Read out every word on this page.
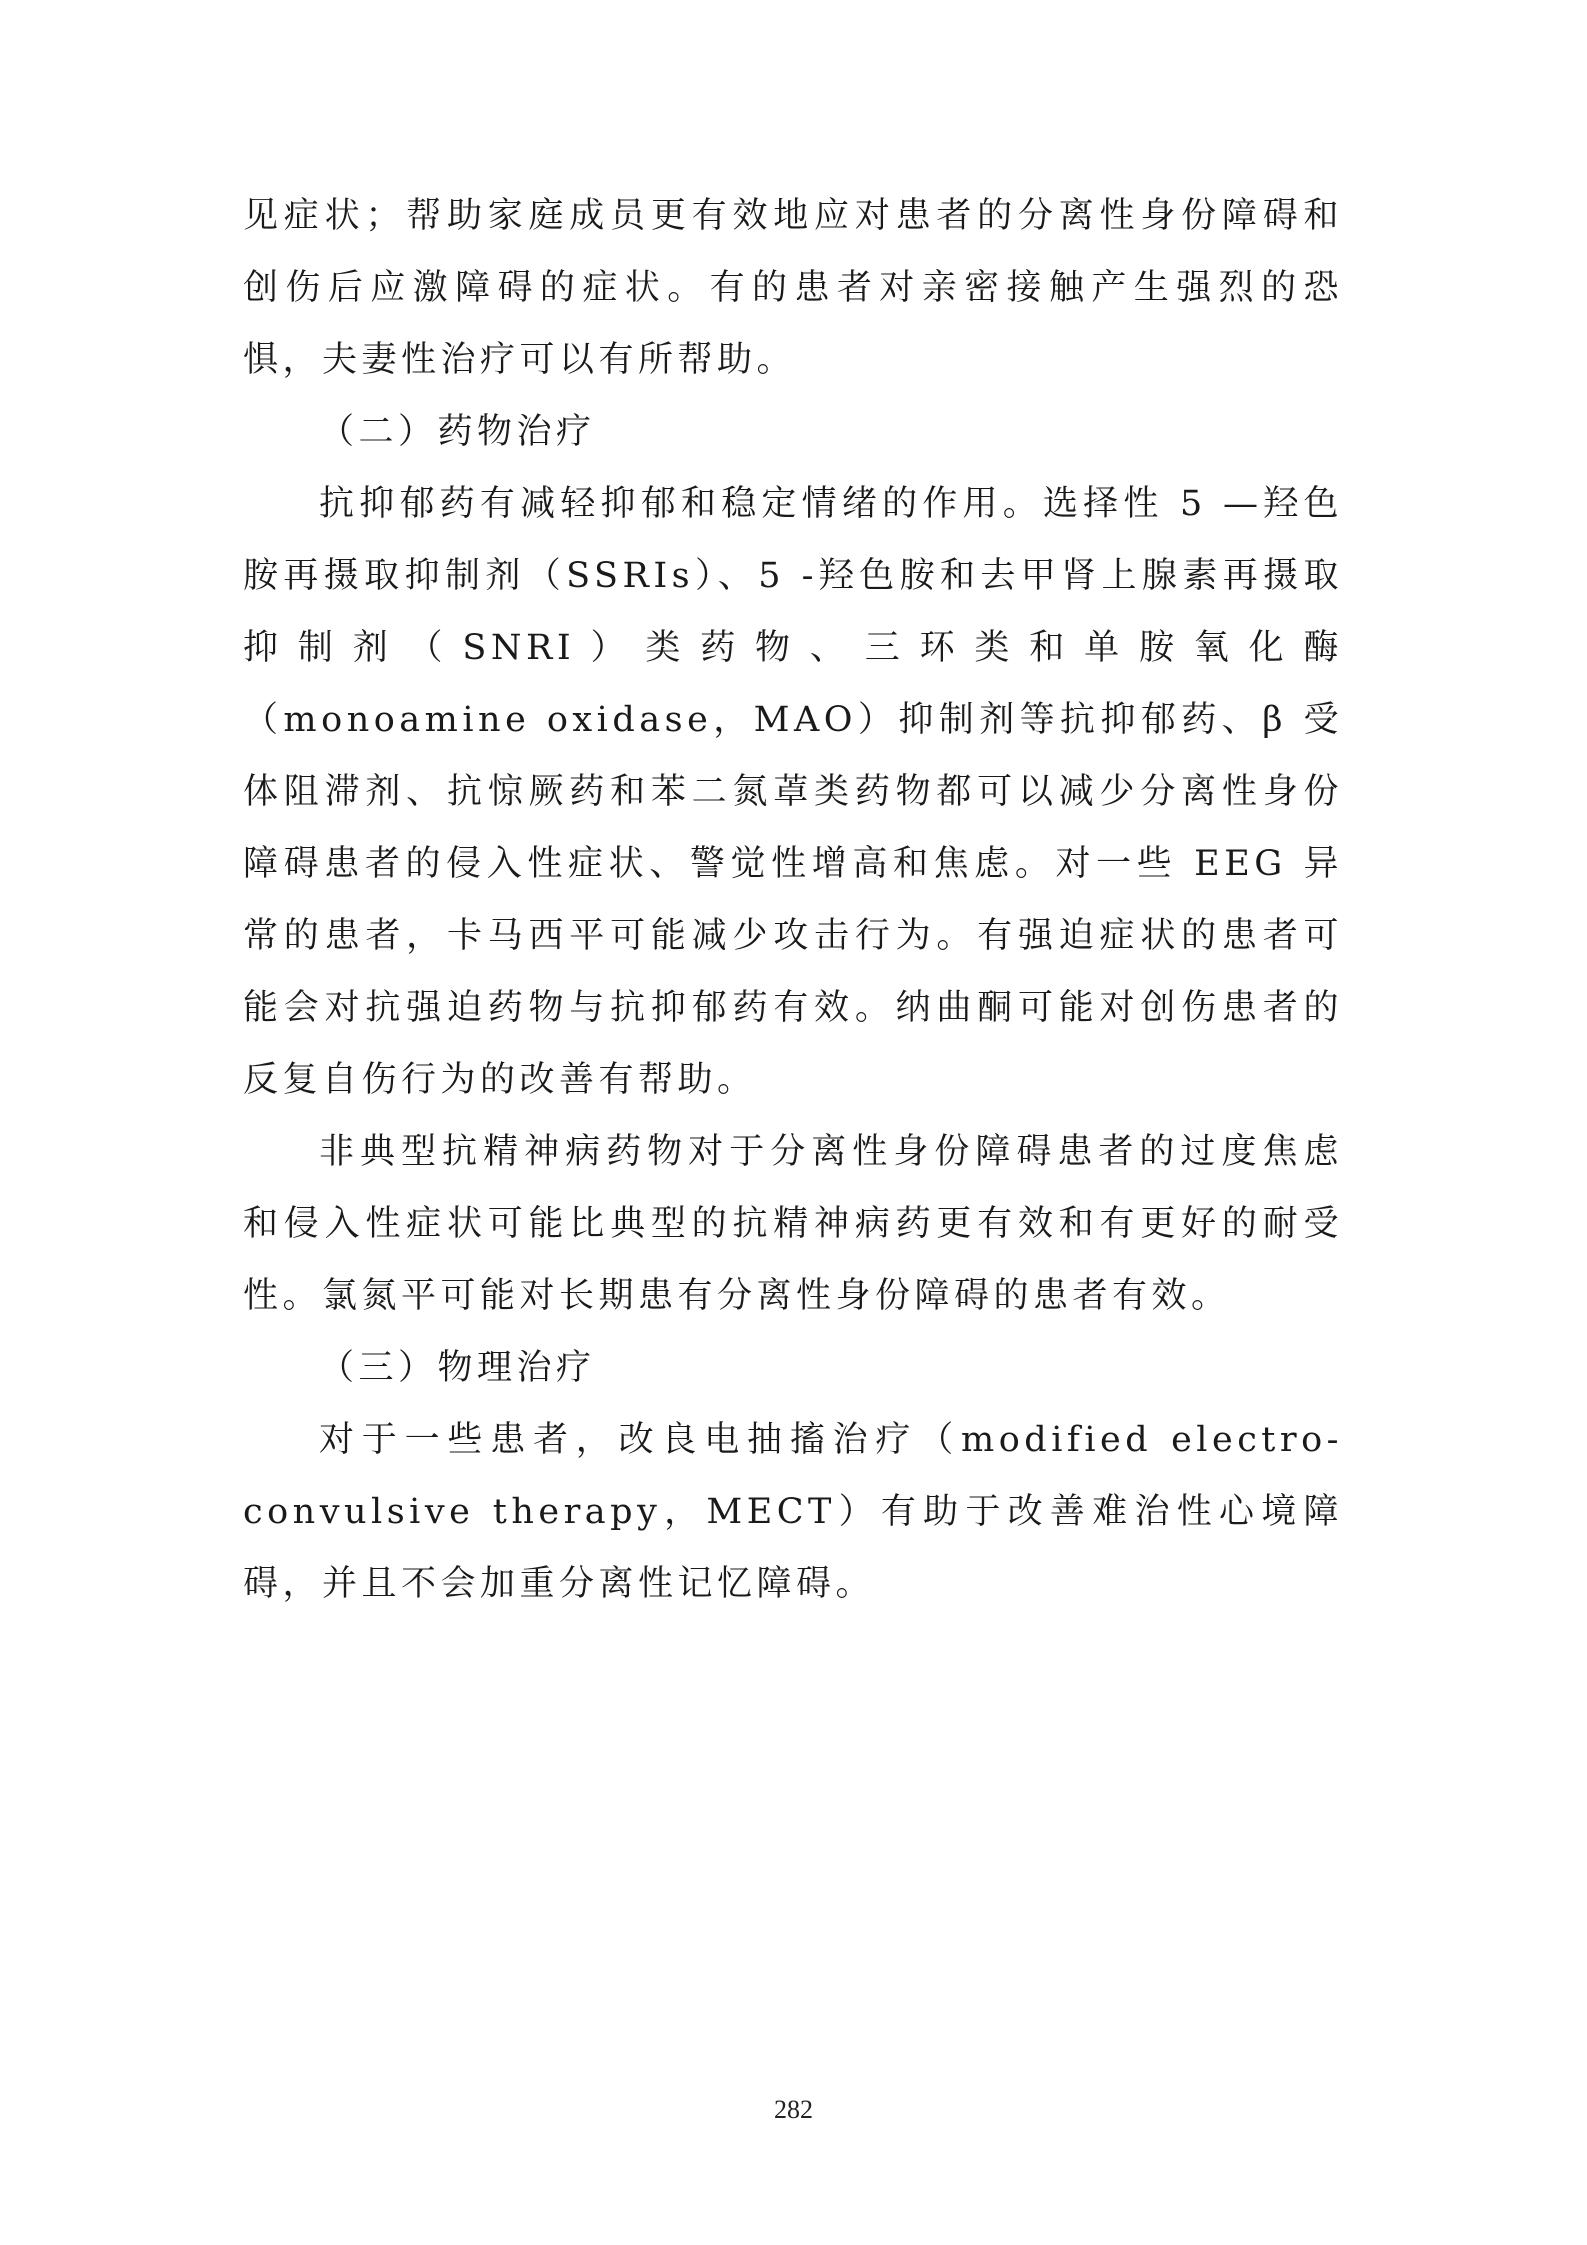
见症状；帮助家庭成员更有效地应对患者的分离性身份障碍和创伤后应激障碍的症状。有的患者对亲密接触产生强烈的恐惧，夫妻性治疗可以有所帮助。

（二）药物治疗

抗抑郁药有减轻抑郁和稳定情绪的作用。选择性 5 —羟色胺再摄取抑制剂（SSRIs）、5 -羟色胺和去甲肾上腺素再摄取抑制剂（SNRI）类药物、三环类和单胺氧化酶（monoamine oxidase，MAO）抑制剂等抗抑郁药、β 受体阻滞剂、抗惊厥药和苯二氮䓬类药物都可以减少分离性身份障碍患者的侵入性症状、警觉性增高和焦虑。对一些 EEG 异常的患者，卡马西平可能减少攻击行为。有强迫症状的患者可能会对抗强迫药物与抗抑郁药有效。纳曲酮可能对创伤患者的反复自伤行为的改善有帮助。

非典型抗精神病药物对于分离性身份障碍患者的过度焦虑和侵入性症状可能比典型的抗精神病药更有效和有更好的耐受性。氯氮平可能对长期患有分离性身份障碍的患者有效。

（三）物理治疗

对于一些患者，改良电抽搐治疗（modified electro- convulsive therapy，MECT）有助于改善难治性心境障碍，并且不会加重分离性记忆障碍。

282
